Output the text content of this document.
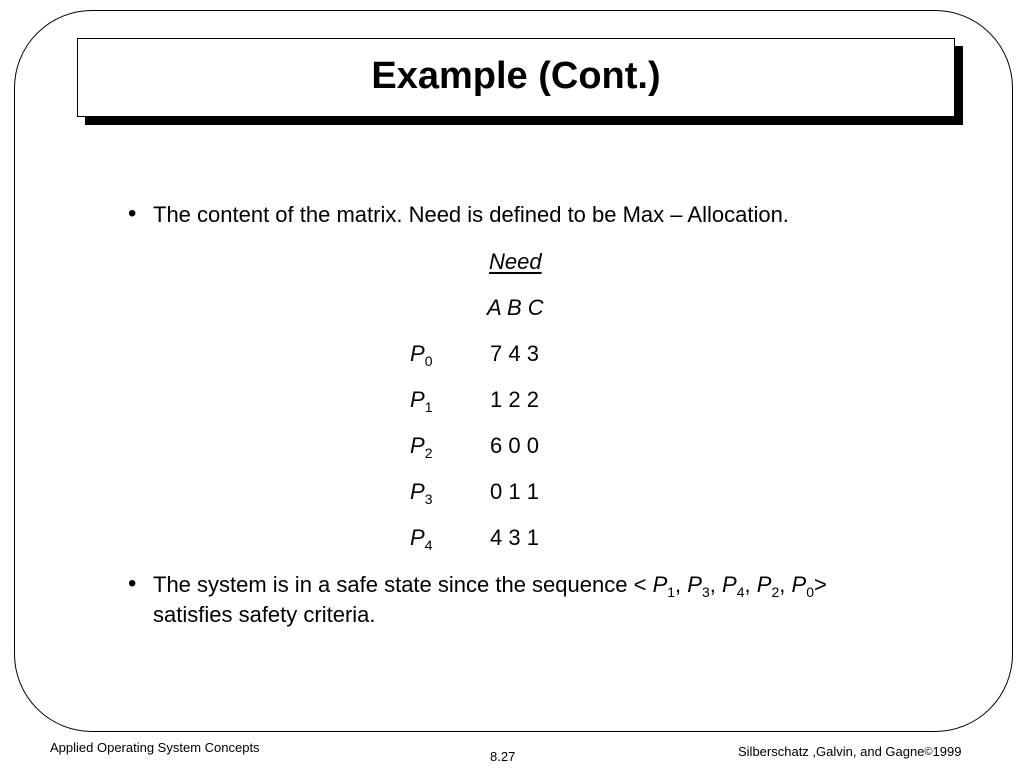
Example (Cont.)
• The content of the matrix. Need is defined to be Max – Allocation.
Need
A B C
$P_0$	7 4 3
$P_1$	1 2 2
$P_2$	6 0 0
$P_3$	0 1 1
$P_4$	4 3 1
• The system is in a safe state since the sequence < $P_1$, $P_3$, $P_4$, $P_2$, $P_0>$
satisfies safety criteria.
Applied Operating System Concepts
8.27	Silberschatz ,Galvin, and Gagne©1999
